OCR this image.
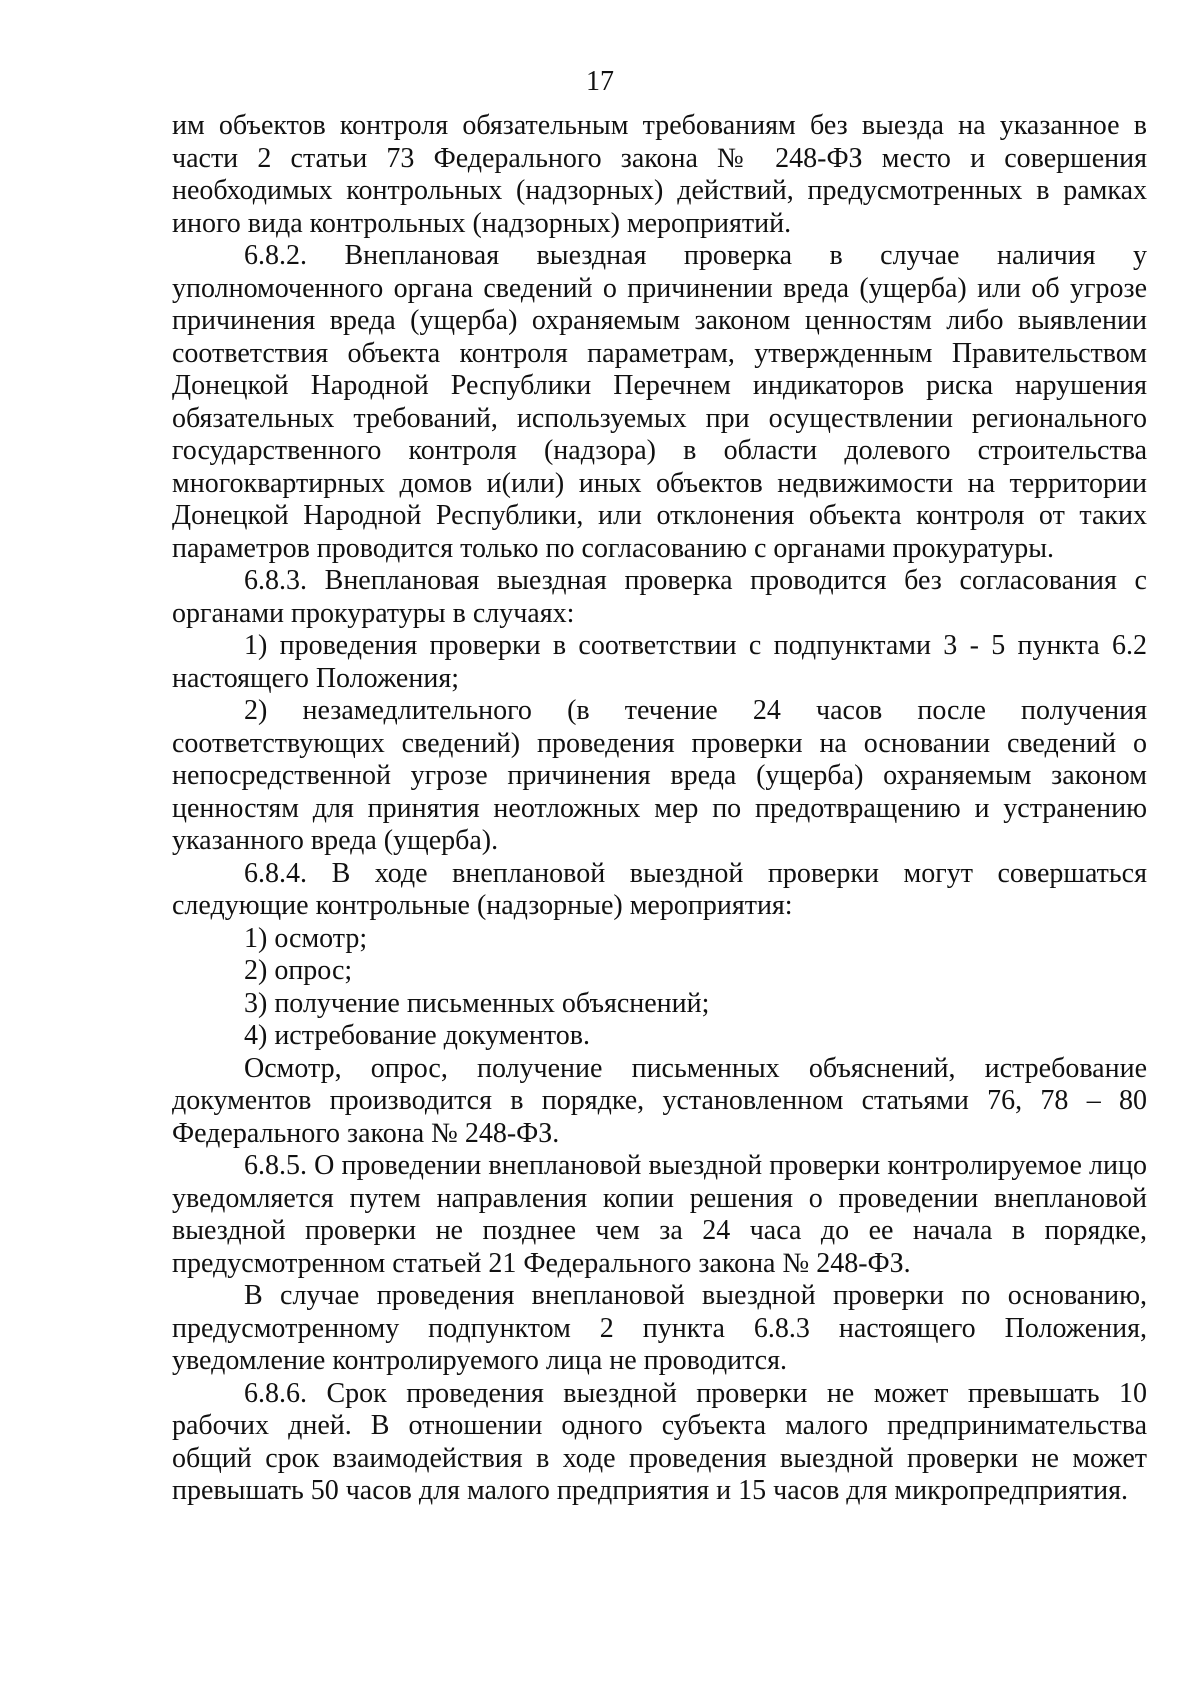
17

им объектов контроля обязательным требованиям без выезда на указанное в части 2 статьи 73 Федерального закона № 248-ФЗ место и совершения необходимых контрольных (надзорных) действий, предусмотренных в рамках иного вида контрольных (надзорных) мероприятий.

6.8.2. Внеплановая выездная проверка в случае наличия у уполномоченного органа сведений о причинении вреда (ущерба) или об угрозе причинения вреда (ущерба) охраняемым законом ценностям либо выявлении соответствия объекта контроля параметрам, утвержденным Правительством Донецкой Народной Республики Перечнем индикаторов риска нарушения обязательных требований, используемых при осуществлении регионального государственного контроля (надзора) в области долевого строительства многоквартирных домов и(или) иных объектов недвижимости на территории Донецкой Народной Республики, или отклонения объекта контроля от таких параметров проводится только по согласованию с органами прокуратуры.

6.8.3. Внеплановая выездная проверка проводится без согласования с органами прокуратуры в случаях:

1) проведения проверки в соответствии с подпунктами 3 - 5 пункта 6.2 настоящего Положения;

2) незамедлительного (в течение 24 часов после получения соответствующих сведений) проведения проверки на основании сведений о непосредственной угрозе причинения вреда (ущерба) охраняемым законом ценностям для принятия неотложных мер по предотвращению и устранению указанного вреда (ущерба).

6.8.4. В ходе внеплановой выездной проверки могут совершаться следующие контрольные (надзорные) мероприятия:

1) осмотр;

2) опрос;

3) получение письменных объяснений;

4) истребование документов.

Осмотр, опрос, получение письменных объяснений, истребование документов производится в порядке, установленном статьями 76, 78 – 80 Федерального закона № 248-ФЗ.

6.8.5. О проведении внеплановой выездной проверки контролируемое лицо уведомляется путем направления копии решения о проведении внеплановой выездной проверки не позднее чем за 24 часа до ее начала в порядке, предусмотренном статьей 21 Федерального закона № 248-ФЗ.

В случае проведения внеплановой выездной проверки по основанию, предусмотренному подпунктом 2 пункта 6.8.3 настоящего Положения, уведомление контролируемого лица не проводится.

6.8.6. Срок проведения выездной проверки не может превышать 10 рабочих дней. В отношении одного субъекта малого предпринимательства общий срок взаимодействия в ходе проведения выездной проверки не может превышать 50 часов для малого предприятия и 15 часов для микропредприятия.
